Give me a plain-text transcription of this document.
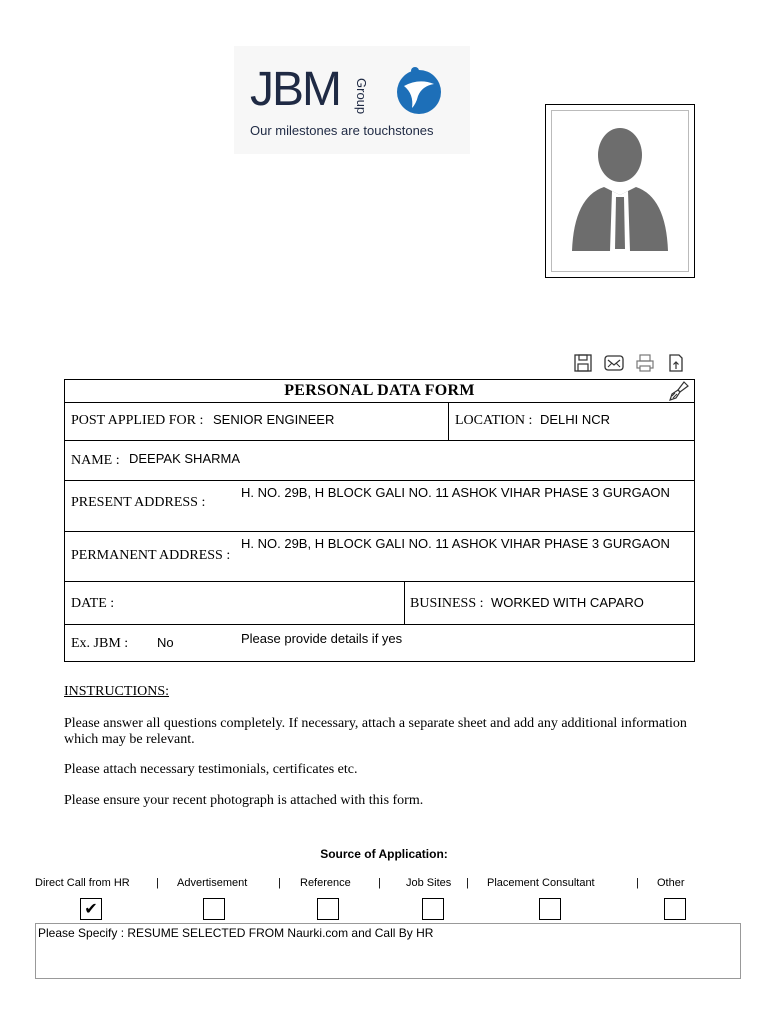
JBM Group
Our milestones are touchstones
PERSONAL DATA FORM
POST APPLIED FOR : SENIOR ENGINEER	LOCATION : DELHI NCR
NAME : DEEPAK SHARMA
PRESENT ADDRESS :
H. NO. 29B, H BLOCK GALI NO. 11 ASHOK VIHAR PHASE 3 GURGAON
PERMANENT ADDRESS :
H. NO. 29B, H BLOCK GALI NO. 11 ASHOK VIHAR PHASE 3 GURGAON
DATE :	BUSINESS : WORKED WITH CAPARO
Ex. JBM : No	Please provide details if yes
INSTRUCTIONS:
Please answer all questions completely. If necessary, attach a separate sheet and add any additional information which may be relevant.
Please attach necessary testimonials, certificates etc.
Please ensure your recent photograph is attached with this form.
Source of Application:
Direct Call from HR | Advertisement	| Reference | Job Sites | Placement Consultant	| Other
✔
Please Specify : RESUME SELECTED FROM Naurki.com and Call By HR
